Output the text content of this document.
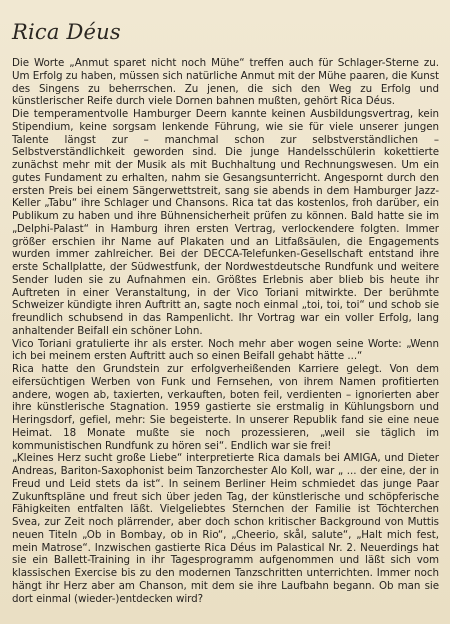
Rica Déus

Die Worte „Anmut sparet nicht noch Mühe“ treffen auch für Schlager-Sterne zu. Um Erfolg zu haben, müssen sich natürliche Anmut mit der Mühe paaren, die Kunst des Singens zu beherrschen. Zu jenen, die sich den Weg zu Erfolg und künstlerischer Reife durch viele Dornen bahnen mußten, gehört Rica Déus.

Die temperamentvolle Hamburger Deern kannte keinen Ausbildungsvertrag, kein Stipendium, keine sorgsam lenkende Führung, wie sie für viele unserer jungen Talente längst zur – manchmal schon zur selbstverständlichen – Selbstverständlichkeit geworden sind. Die junge Handelsschülerin kokettierte zunächst mehr mit der Musik als mit Buchhaltung und Rechnungswesen. Um ein gutes Fundament zu erhalten, nahm sie Gesangsunterricht. Angespornt durch den ersten Preis bei einem Sängerwettstreit, sang sie abends in dem Hamburger Jazz-Keller „Tabu“ ihre Schlager und Chansons. Rica tat das kostenlos, froh darüber, ein Publikum zu haben und ihre Bühnensicherheit prüfen zu können. Bald hatte sie im „Delphi-Palast“ in Hamburg ihren ersten Vertrag, verlockendere folgten. Immer größer erschien ihr Name auf Plakaten und an Litfaßsäulen, die Engagements wurden immer zahlreicher. Bei der DECCA-Telefunken-Gesellschaft entstand ihre erste Schallplatte, der Südwestfunk, der Nordwestdeutsche Rundfunk und weitere Sender luden sie zu Aufnahmen ein. Größtes Erlebnis aber blieb bis heute ihr Auftreten in einer Veranstaltung, in der Vico Toriani mitwirkte. Der berühmte Schweizer kündigte ihren Auftritt an, sagte noch einmal „toi, toi, toi“ und schob sie freundlich schubsend in das Rampenlicht. Ihr Vortrag war ein voller Erfolg, lang anhaltender Beifall ein schöner Lohn.

Vico Toriani gratulierte ihr als erster. Noch mehr aber wogen seine Worte: „Wenn ich bei meinem ersten Auftritt auch so einen Beifall gehabt hätte ...“

Rica hatte den Grundstein zur erfolgverheißenden Karriere gelegt. Von dem eifersüchtigen Werben von Funk und Fernsehen, von ihrem Namen profitierten andere, wogen ab, taxierten, verkauften, boten feil, verdienten – ignorierten aber ihre künstlerische Stagnation. 1959 gastierte sie erstmalig in Kühlungsborn und Heringsdorf, gefiel, mehr: Sie begeisterte. In unserer Republik fand sie eine neue Heimat. 18 Monate mußte sie noch prozessieren, „weil sie täglich im kommunistischen Rundfunk zu hören sei“. Endlich war sie frei!

„Kleines Herz sucht große Liebe“ interpretierte Rica damals bei AMIGA, und Dieter Andreas, Bariton-Saxophonist beim Tanzorchester Alo Koll, war „ ... der eine, der in Freud und Leid stets da ist“. In seinem Berliner Heim schmiedet das junge Paar Zukunftspläne und freut sich über jeden Tag, der künstlerische und schöpferische Fähigkeiten entfalten läßt. Vielgeliebtes Sternchen der Familie ist Töchterchen Svea, zur Zeit noch plärrender, aber doch schon kritischer Background von Muttis neuen Titeln „Ob in Bombay, ob in Rio“, „Cheerio, skål, salute“, „Halt mich fest, mein Matrose“. Inzwischen gastierte Rica Déus im Palastical Nr. 2. Neuerdings hat sie ein Ballett-Training in ihr Tagesprogramm aufgenommen und läßt sich vom klassischen Exercise bis zu den modernen Tanzschritten unterrichten. Immer noch hängt ihr Herz aber am Chanson, mit dem sie ihre Laufbahn begann. Ob man sie dort einmal (wieder-)entdecken wird?
